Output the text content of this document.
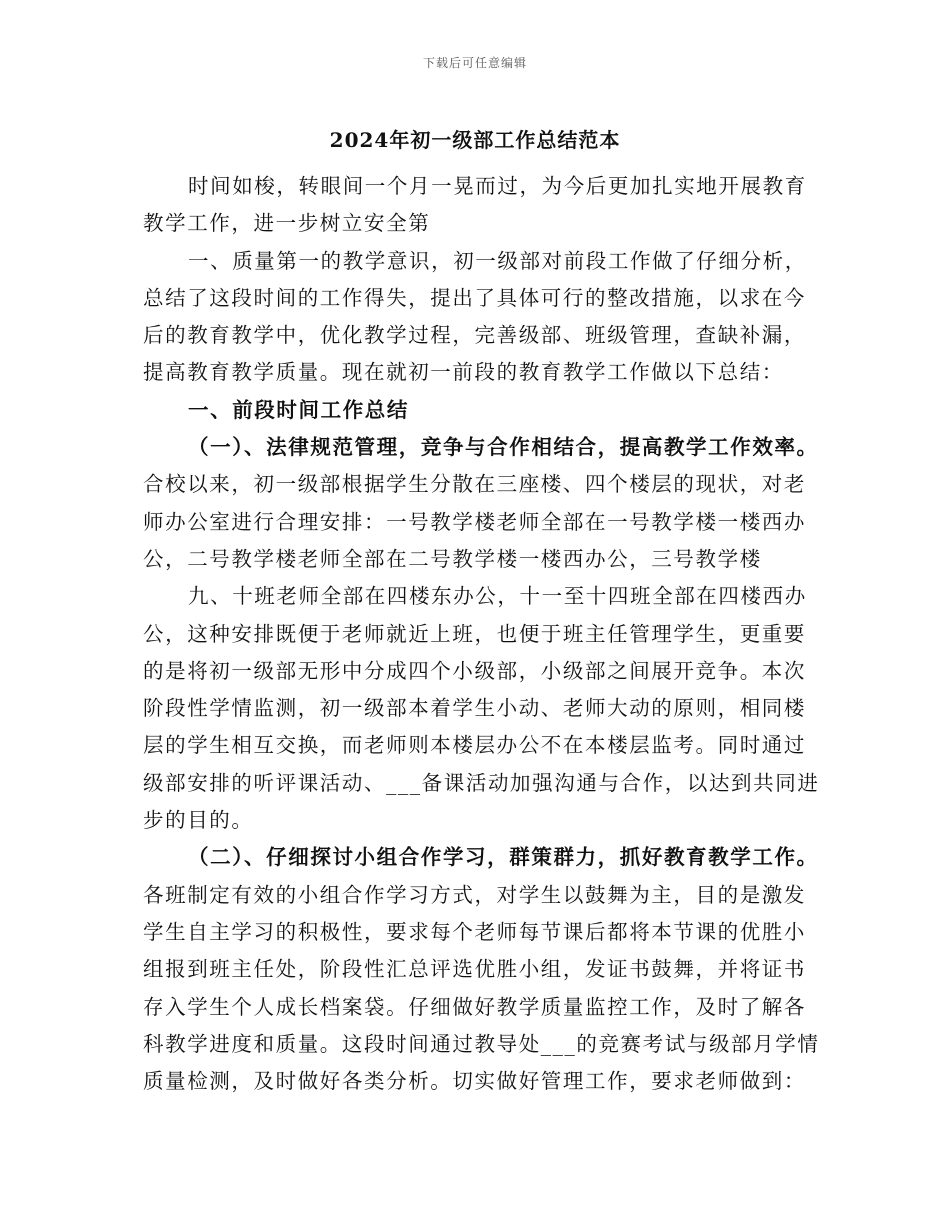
下载后可任意编辑
2024年初一级部工作总结范本
时间如梭，转眼间一个月一晃而过，为今后更加扎实地开展教育
教学工作，进一步树立安全第
一、质量第一的教学意识，初一级部对前段工作做了仔细分析，
总结了这段时间的工作得失，提出了具体可行的整改措施，以求在今
后的教育教学中，优化教学过程，完善级部、班级管理，查缺补漏，
提高教育教学质量。现在就初一前段的教育教学工作做以下总结：
一、前段时间工作总结
（一）、法律规范管理，竞争与合作相结合，提高教学工作效率。
合校以来，初一级部根据学生分散在三座楼、四个楼层的现状，对老
师办公室进行合理安排：一号教学楼老师全部在一号教学楼一楼西办
公，二号教学楼老师全部在二号教学楼一楼西办公，三号教学楼
九、十班老师全部在四楼东办公，十一至十四班全部在四楼西办
公，这种安排既便于老师就近上班，也便于班主任管理学生，更重要
的是将初一级部无形中分成四个小级部，小级部之间展开竞争。本次
阶段性学情监测，初一级部本着学生小动、老师大动的原则，相同楼
层的学生相互交换，而老师则本楼层办公不在本楼层监考。同时通过
级部安排的听评课活动、___备课活动加强沟通与合作，以达到共同进
步的目的。
（二）、仔细探讨小组合作学习，群策群力，抓好教育教学工作。
各班制定有效的小组合作学习方式，对学生以鼓舞为主，目的是激发
学生自主学习的积极性，要求每个老师每节课后都将本节课的优胜小
组报到班主任处，阶段性汇总评选优胜小组，发证书鼓舞，并将证书
存入学生个人成长档案袋。仔细做好教学质量监控工作，及时了解各
科教学进度和质量。这段时间通过教导处___的竞赛考试与级部月学情
质量检测，及时做好各类分析。切实做好管理工作，要求老师做到：
